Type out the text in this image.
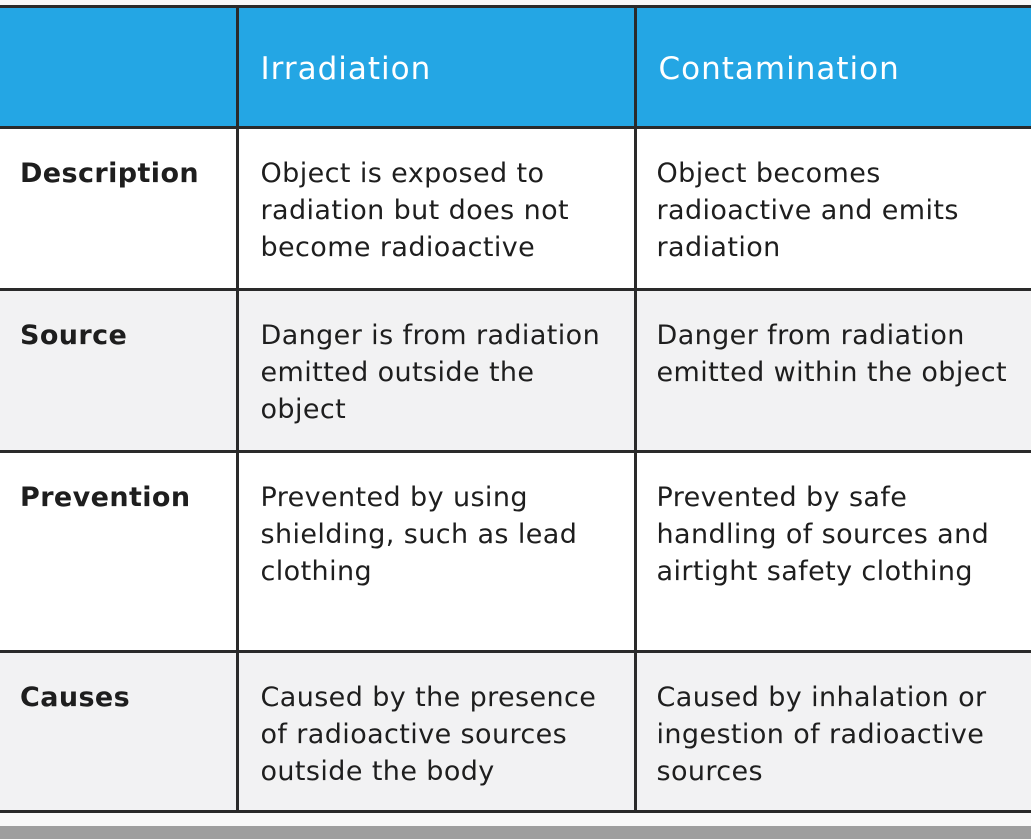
	Irradiation	Contamination

Description	Object is exposed to radiation but does not become radioactive	Object becomes radioactive and emits radiation

Source	Danger is from radiation emitted outside the object	Danger from radiation emitted within the object

Prevention	Prevented by using shielding, such as lead clothing	Prevented by safe handling of sources and airtight safety clothing

Causes	Caused by the presence of radioactive sources outside the body	Caused by inhalation or ingestion of radioactive sources
